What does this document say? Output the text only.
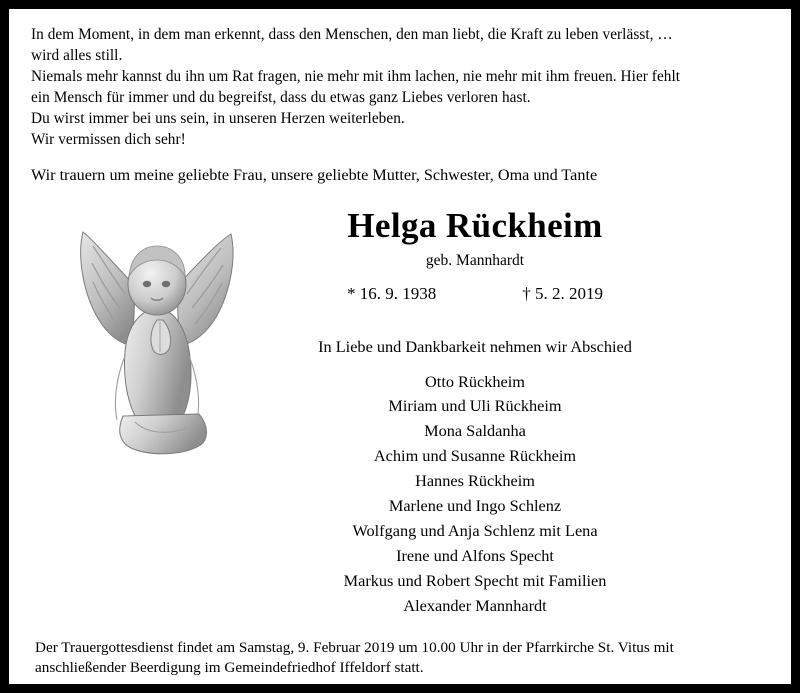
In dem Moment, in dem man erkennt, dass den Menschen, den man liebt, die Kraft zu leben verlässt, …

wird alles still.

Niemals mehr kannst du ihn um Rat fragen, nie mehr mit ihm lachen, nie mehr mit ihm freuen. Hier fehlt

ein Mensch für immer und du begreifst, dass du etwas ganz Liebes verloren hast.

Du wirst immer bei uns sein, in unseren Herzen weiterleben.

Wir vermissen dich sehr!

Wir trauern um meine geliebte Frau, unsere geliebte Mutter, Schwester, Oma und Tante
Helga Rückheim
geb. Mannhardt
* 16. 9. 1938	† 5. 2. 2019
In Liebe und Dankbarkeit nehmen wir Abschied
Otto Rückheim
Miriam und Uli Rückheim
Mona Saldanha
Achim und Susanne Rückheim
Hannes Rückheim
Marlene und Ingo Schlenz
Wolfgang und Anja Schlenz mit Lena
Irene und Alfons Specht
Markus und Robert Specht mit Familien
Alexander Mannhardt
Der Trauergottesdienst findet am Samstag, 9. Februar 2019 um 10.00 Uhr in der Pfarrkirche St. Vitus mit
anschließender Beerdigung im Gemeindefriedhof Iffeldorf statt.
